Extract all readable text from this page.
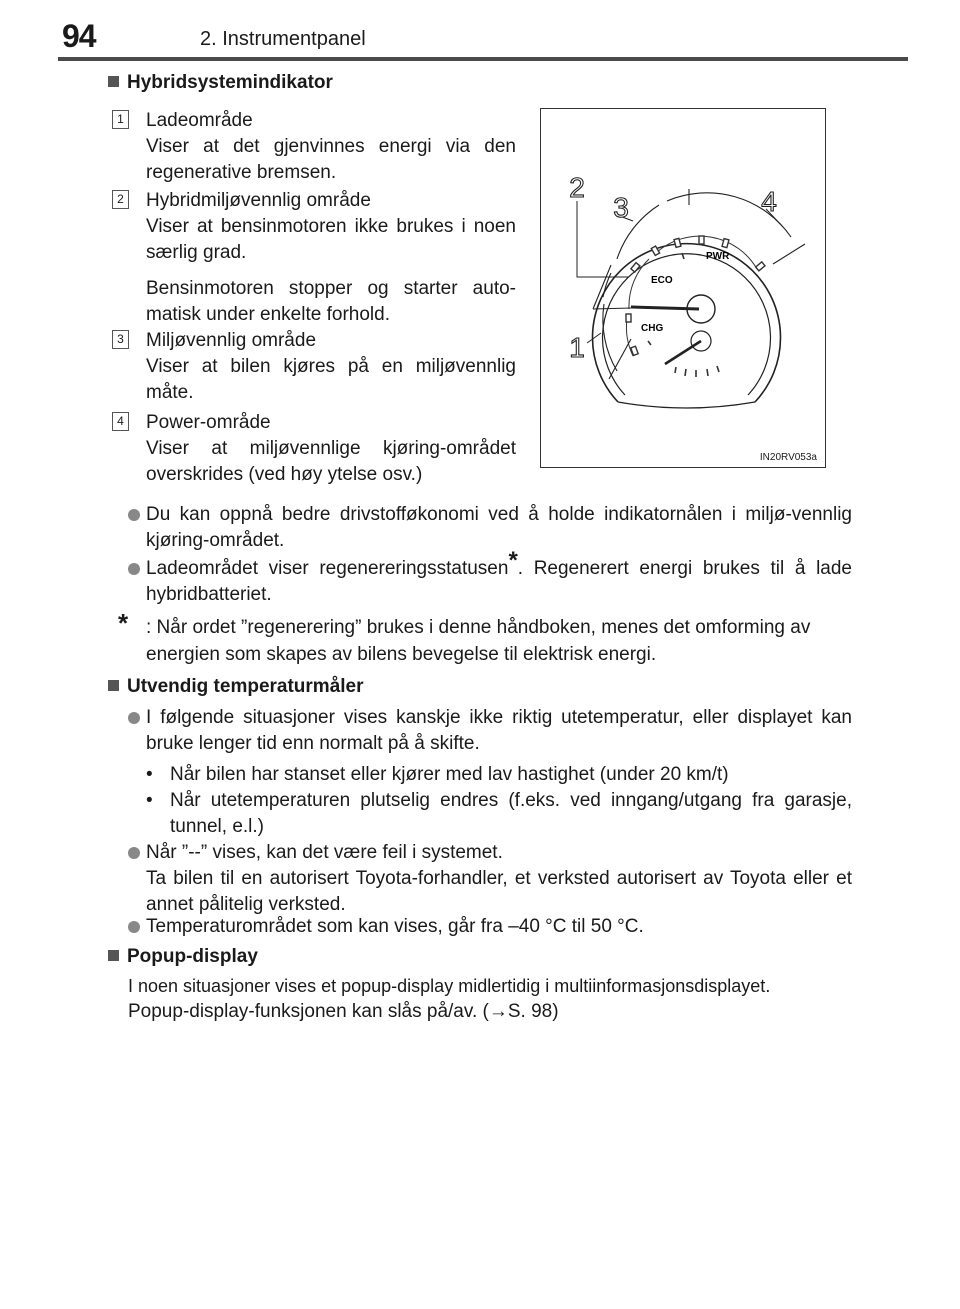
94	2. Instrumentpanel
Hybridsystemindikator
1 Ladeområde
Viser at det gjenvinnes energi via den regenerative bremsen.
2 Hybridmiljøvennlig område
Viser at bensinmotoren ikke brukes i noen særlig grad.
Bensinmotoren stopper og starter auto-matisk under enkelte forhold.
3 Miljøvennlig område
Viser at bilen kjøres på en miljøvennlig måte.
4 Power-område
Viser at miljøvennlige kjøring-området overskrides (ved høy ytelse osv.)
ECO
PWR
CHG
2
3	4
1
IN20RV053a
Du kan oppnå bedre drivstofføkonomi ved å holde indikatornålen i miljø-vennlig kjøring-området.
Ladeområdet viser regenereringsstatusen*. Regenerert energi brukes til å lade hybridbatteriet.
* : Når ordet ”regenerering” brukes i denne håndboken, menes det omforming av energien som skapes av bilens bevegelse til elektrisk energi.
Utvendig temperaturmåler
I følgende situasjoner vises kanskje ikke riktig utetemperatur, eller displayet kan bruke lenger tid enn normalt på å skifte.
• Når bilen har stanset eller kjører med lav hastighet (under 20 km/t)
• Når utetemperaturen plutselig endres (f.eks. ved inngang/utgang fra garasje, tunnel, e.l.)
Når ”--” vises, kan det være feil i systemet.
Ta bilen til en autorisert Toyota-forhandler, et verksted autorisert av Toyota eller et annet pålitelig verksted.
Temperaturområdet som kan vises, går fra –40 °C til 50 °C.
Popup-display
I noen situasjoner vises et popup-display midlertidig i multiinformasjonsdisplayet.
Popup-display-funksjonen kan slås på/av. (→S. 98)
